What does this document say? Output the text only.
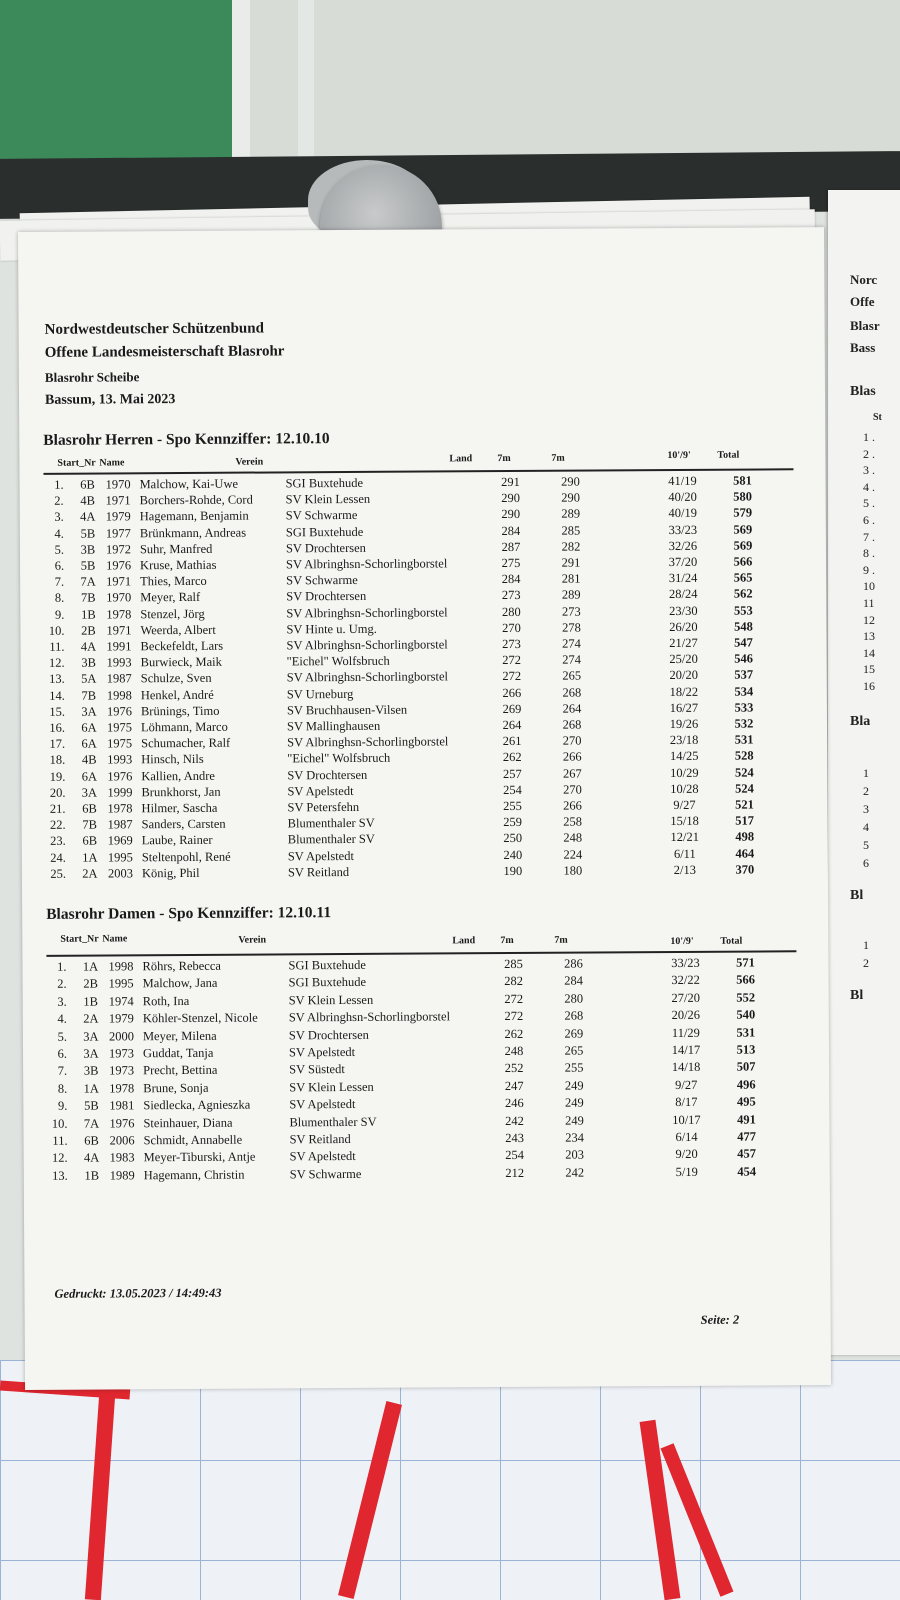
Norc
Offe
Blasr
Bass
Blas
St
1 .
2 .
3 .
4 .
5 .
6 .
7 .
8 .
9 .
10
11
12
13
14
15
16
Bla
1
2
3
4
5
6
Bl
1
2
Bl
Nordwestdeutscher Schützenbund
Offene Landesmeisterschaft Blasrohr
Blasrohr Scheibe
Bassum, 13. Mai 2023
Blasrohr Herren - Spo Kennziffer: 12.10.10
Start_Nr Name	Verein	Land	7m	7m	10'/9'	Total
1.	6B 1970 Malchow, Kai-Uwe	SGI Buxtehude	291	290	41/19	581
2.	4B 1971 Borchers-Rohde, Cord	SV Klein Lessen	290	290	40/20	580
3.	4A 1979 Hagemann, Benjamin	SV Schwarme	290	289	40/19	579
4.	5B 1977 Brünkmann, Andreas	SGI Buxtehude	284	285	33/23	569
5.	3B 1972 Suhr, Manfred	SV Drochtersen	287	282	32/26	569
6.	5B 1976 Kruse, Mathias	SV Albringhsn-Schorlingborstel	275	291	37/20	566
7.	7A 1971 Thies, Marco	SV Schwarme	284	281	31/24	565
8.	7B 1970 Meyer, Ralf	SV Drochtersen	273	289	28/24	562
9.	1B 1978 Stenzel, Jörg	SV Albringhsn-Schorlingborstel	280	273	23/30	553
10.	2B 1971 Weerda, Albert	SV Hinte u. Umg.	270	278	26/20	548
11.	4A 1991 Beckefeldt, Lars	SV Albringhsn-Schorlingborstel	273	274	21/27	547
12.	3B 1993 Burwieck, Maik	"Eichel" Wolfsbruch	272	274	25/20	546
13.	5A 1987 Schulze, Sven	SV Albringhsn-Schorlingborstel	272	265	20/20	537
14.	7B 1998 Henkel, André	SV Urneburg	266	268	18/22	534
15.	3A 1976 Brünings, Timo	SV Bruchhausen-Vilsen	269	264	16/27	533
16.	6A 1975 Löhmann, Marco	SV Mallinghausen	264	268	19/26	532
17.	6A 1975 Schumacher, Ralf	SV Albringhsn-Schorlingborstel	261	270	23/18	531
18.	4B 1993 Hinsch, Nils	"Eichel" Wolfsbruch	262	266	14/25	528
19.	6A 1976 Kallien, Andre	SV Drochtersen	257	267	10/29	524
20.	3A 1999 Brunkhorst, Jan	SV Apelstedt	254	270	10/28	524
21.	6B 1978 Hilmer, Sascha	SV Petersfehn	255	266	9/27	521
22.	7B 1987 Sanders, Carsten	Blumenthaler SV	259	258	15/18	517
23.	6B 1969 Laube, Rainer	Blumenthaler SV	250	248	12/21	498
24.	1A 1995 Steltenpohl, René	SV Apelstedt	240	224	6/11	464
25.	2A 2003 König, Phil	SV Reitland	190	180	2/13	370
Blasrohr Damen - Spo Kennziffer: 12.10.11
Start_Nr Name	Verein	Land	7m	7m	10'/9'	Total
1.	1A 1998 Röhrs, Rebecca	SGI Buxtehude	285	286	33/23	571
2.	2B 1995 Malchow, Jana	SGI Buxtehude	282	284	32/22	566
3.	1B 1974 Roth, Ina	SV Klein Lessen	272	280	27/20	552
4.	2A 1979 Köhler-Stenzel, Nicole SV Albringhsn-Schorlingborstel	272	268	20/26	540
5.	3A 2000 Meyer, Milena	SV Drochtersen	262	269	11/29	531
6.	3A 1973 Guddat, Tanja	SV Apelstedt	248	265	14/17	513
7.	3B 1973 Precht, Bettina	SV Süstedt	252	255	14/18	507
8.	1A 1978 Brune, Sonja	SV Klein Lessen	247	249	9/27	496
9.	5B 1981 Siedlecka, Agnieszka	SV Apelstedt	246	249	8/17	495
10.	7A 1976 Steinhauer, Diana	Blumenthaler SV	242	249	10/17	491
11.	6B 2006 Schmidt, Annabelle	SV Reitland	243	234	6/14	477
12.	4A 1983 Meyer-Tiburski, Antje	SV Apelstedt	254	203	9/20	457
13.	1B 1989 Hagemann, Christin	SV Schwarme	212	242	5/19	454
Gedruckt: 13.05.2023 / 14:49:43
Seite: 2
